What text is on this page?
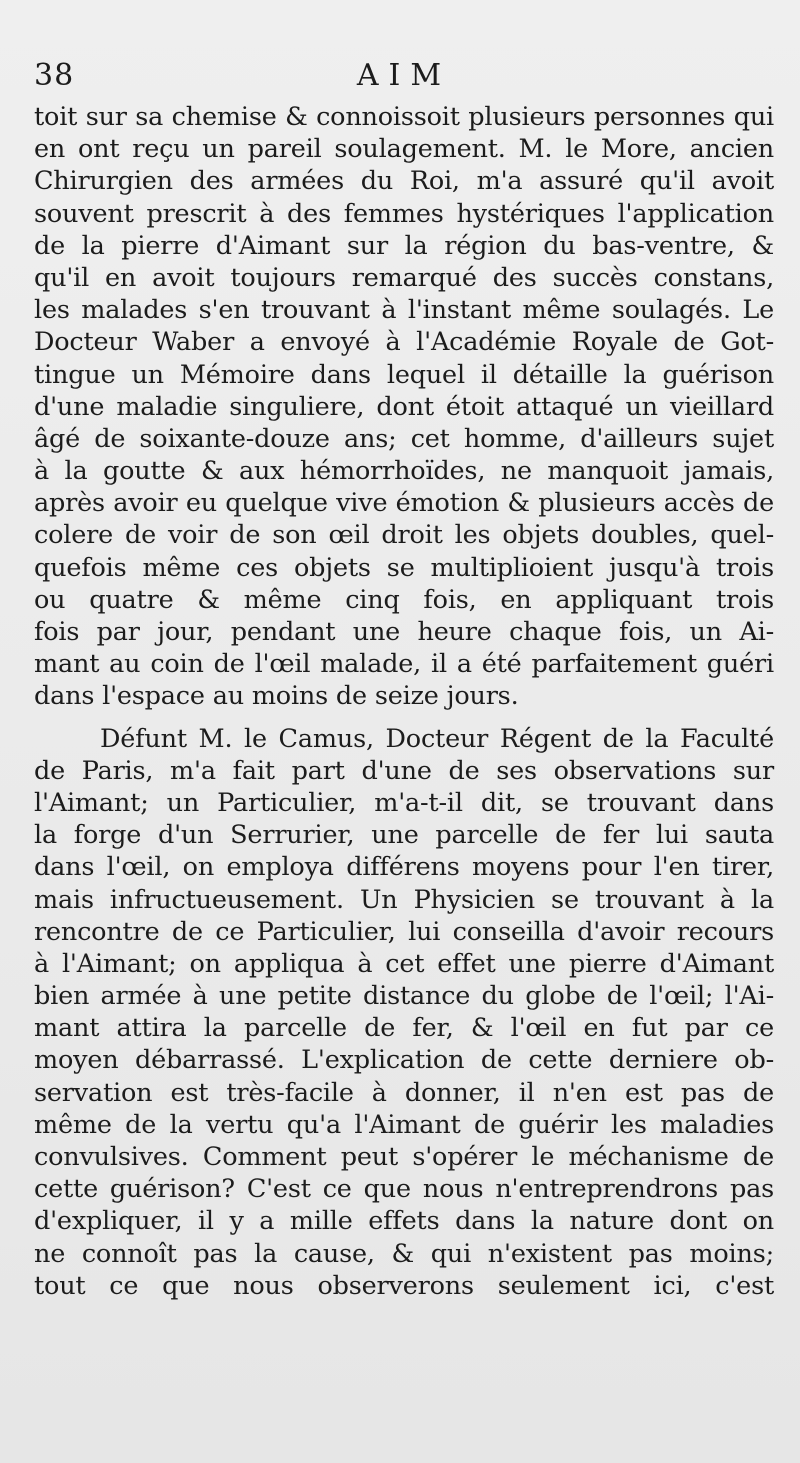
38	AIM
toit sur sa chemise & connoissoit plusieurs personnes qui
en ont reçu un pareil soulagement. M. le More, ancien
Chirurgien des armées du Roi, m'a assuré qu'il avoit
souvent prescrit à des femmes hystériques l'application
de la pierre d'Aimant sur la région du bas-ventre, &
qu'il en avoit toujours remarqué des succès constans,
les malades s'en trouvant à l'instant même soulagés. Le
Docteur Waber a envoyé à l'Académie Royale de Got-
tingue un Mémoire dans lequel il détaille la guérison
d'une maladie singuliere, dont étoit attaqué un vieillard
âgé de soixante-douze ans; cet homme, d'ailleurs sujet
à la goutte & aux hémorrhoïdes, ne manquoit jamais,
après avoir eu quelque vive émotion & plusieurs accès de
colere de voir de son œil droit les objets doubles, quel-
quefois même ces objets se multiplioient jusqu'à trois
ou quatre & même cinq fois, en appliquant trois
fois par jour, pendant une heure chaque fois, un Ai-
mant au coin de l'œil malade, il a été parfaitement guéri
dans l'espace au moins de seize jours.
Défunt M. le Camus, Docteur Régent de la Faculté
de Paris, m'a fait part d'une de ses observations sur
l'Aimant; un Particulier, m'a-t-il dit, se trouvant dans
la forge d'un Serrurier, une parcelle de fer lui sauta
dans l'œil, on employa différens moyens pour l'en tirer,
mais infructueusement. Un Physicien se trouvant à la
rencontre de ce Particulier, lui conseilla d'avoir recours
à l'Aimant; on appliqua à cet effet une pierre d'Aimant
bien armée à une petite distance du globe de l'œil; l'Ai-
mant attira la parcelle de fer, & l'œil en fut par ce
moyen débarrassé. L'explication de cette derniere ob-
servation est très-facile à donner, il n'en est pas de
même de la vertu qu'a l'Aimant de guérir les maladies
convulsives. Comment peut s'opérer le méchanisme de
cette guérison? C'est ce que nous n'entreprendrons pas
d'expliquer, il y a mille effets dans la nature dont on
ne connoît pas la cause, & qui n'existent pas moins;
tout ce que nous observerons seulement ici, c'est
